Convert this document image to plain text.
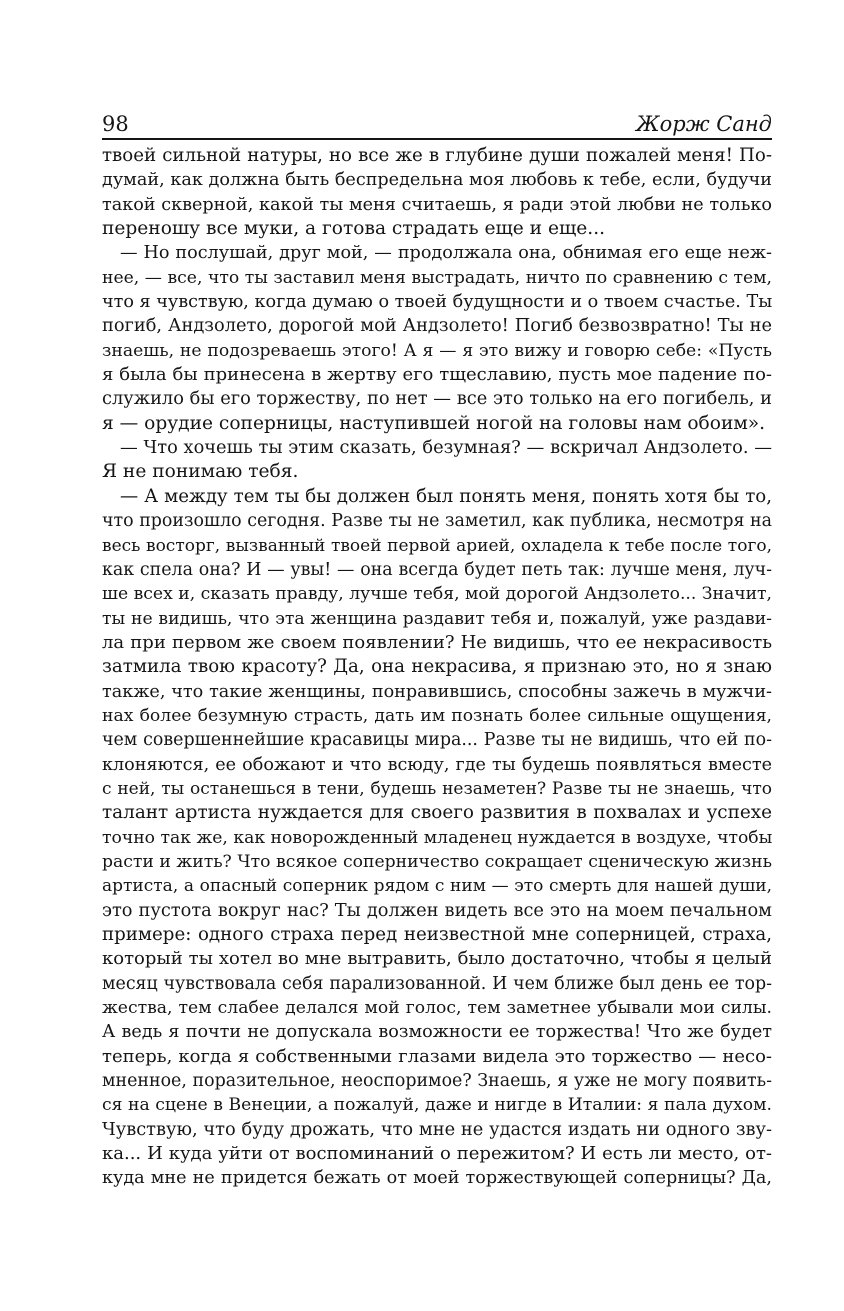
98	Жорж Санд
твоей сильной натуры, но все же в глубине души пожалей меня! По-
думай, как должна быть беспредельна моя любовь к тебе, если, будучи
такой скверной, какой ты меня считаешь, я ради этой любви не только
переношу все муки, а готова страдать еще и еще...
— Но послушай, друг мой, — продолжала она, обнимая его еще неж-
нее, — все, что ты заставил меня выстрадать, ничто по сравнению с тем,
что я чувствую, когда думаю о твоей будущности и о твоем счастье. Ты
погиб, Андзолето, дорогой мой Андзолето! Погиб безвозвратно! Ты не
знаешь, не подозреваешь этого! А я — я это вижу и говорю себе: «Пусть
я была бы принесена в жертву его тщеславию, пусть мое падение по-
служило бы его торжеству, по нет — все это только на его погибель, и
я — орудие соперницы, наступившей ногой на головы нам обоим».
— Что хочешь ты этим сказать, безумная? — вскричал Андзолето. —
Я не понимаю тебя.
— А между тем ты бы должен был понять меня, понять хотя бы то,
что произошло сегодня. Разве ты не заметил, как публика, несмотря на
весь восторг, вызванный твоей первой арией, охладела к тебе после того,
как спела она? И — увы! — она всегда будет петь так: лучше меня, луч-
ше всех и, сказать правду, лучше тебя, мой дорогой Андзолето... Значит,
ты не видишь, что эта женщина раздавит тебя и, пожалуй, уже раздави-
ла при первом же своем появлении? Не видишь, что ее некрасивость
затмила твою красоту? Да, она некрасива, я признаю это, но я знаю
также, что такие женщины, понравившись, способны зажечь в мужчи-
нах более безумную страсть, дать им познать более сильные ощущения,
чем совершеннейшие красавицы мира... Разве ты не видишь, что ей по-
клоняются, ее обожают и что всюду, где ты будешь появляться вместе
с ней, ты останешься в тени, будешь незаметен? Разве ты не знаешь, что
талант артиста нуждается для своего развития в похвалах и успехе
точно так же, как новорожденный младенец нуждается в воздухе, чтобы
расти и жить? Что всякое соперничество сокращает сценическую жизнь
артиста, а опасный соперник рядом с ним — это смерть для нашей души,
это пустота вокруг нас? Ты должен видеть все это на моем печальном
примере: одного страха перед неизвестной мне соперницей, страха,
который ты хотел во мне вытравить, было достаточно, чтобы я целый
месяц чувствовала себя парализованной. И чем ближе был день ее тор-
жества, тем слабее делался мой голос, тем заметнее убывали мои силы.
А ведь я почти не допускала возможности ее торжества! Что же будет
теперь, когда я собственными глазами видела это торжество — несо-
мненное, поразительное, неоспоримое? Знаешь, я уже не могу появить-
ся на сцене в Венеции, а пожалуй, даже и нигде в Италии: я пала духом.
Чувствую, что буду дрожать, что мне не удастся издать ни одного зву-
ка... И куда уйти от воспоминаний о пережитом? И есть ли место, от-
куда мне не придется бежать от моей торжествующей соперницы? Да,
